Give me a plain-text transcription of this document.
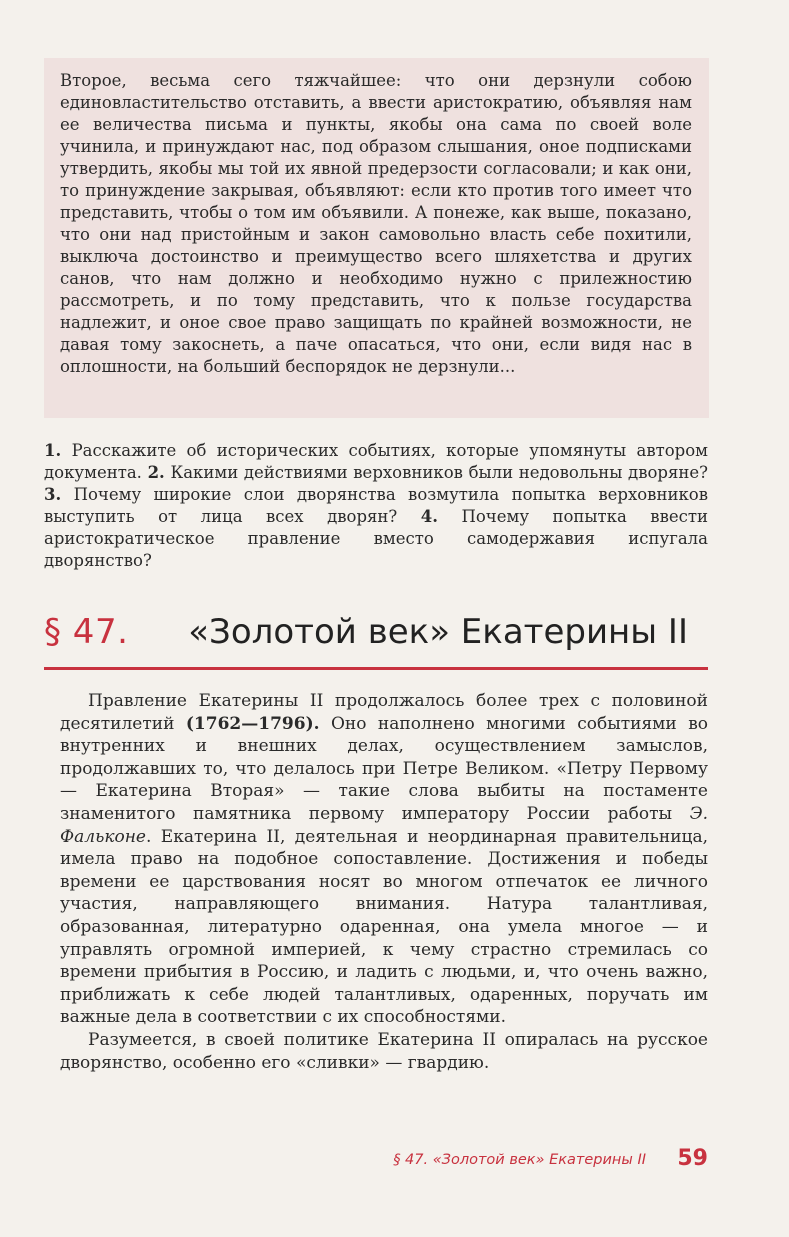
Второе, весьма сего тяжчайшее: что они дерзнули собою единовластительство отставить, а ввести аристократию, объявляя нам ее величества письма и пункты, якобы она сама по своей воле учинила, и принуждают нас, под образом слышания, оное подписками утвердить, якобы мы той их явной предерзости согласовали; и как они, то принуждение закрывая, объявляют: если кто против того имеет что представить, чтобы о том им объявили. А понеже, как выше, показано, что они над пристойным и закон самовольно власть себе похитили, выключа достоинство и преимущество всего шляхетства и других санов, что нам должно и необходимо нужно с прилежностию рассмотреть, и по тому представить, что к пользе государства надлежит, и оное свое право защищать по крайней возможности, не давая тому закоснеть, а паче опасаться, что они, если видя нас в оплошности, на больший беспорядок не дерзнули...

1. Расскажите об исторических событиях, которые упомянуты автором документа. 2. Какими действиями верховников были недовольны дворяне? 3. Почему широкие слои дворянства возмутила попытка верховников выступить от лица всех дворян? 4. Почему попытка ввести аристократическое правление вместо самодержавия испугала дворянство?

§ 47. «Золотой век» Екатерины II

Правление Екатерины II продолжалось более трех с половиной десятилетий (1762—1796). Оно наполнено многими событиями во внутренних и внешних делах, осуществлением замыслов, продолжавших то, что делалось при Петре Великом. «Петру Первому — Екатерина Вторая» — такие слова выбиты на постаменте знаменитого памятника первому императору России работы Э. Фальконе. Екатерина II, деятельная и неординарная правительница, имела право на подобное сопоставление. Достижения и победы времени ее царствования носят во многом отпечаток ее личного участия, направляющего внимания. Натура талантливая, образованная, литературно одаренная, она умела многое — и управлять огромной империей, к чему страстно стремилась со времени прибытия в Россию, и ладить с людьми, и, что очень важно, приближать к себе людей талантливых, одаренных, поручать им важные дела в соответствии с их способностями.

Разумеется, в своей политике Екатерина II опиралась на русское дворянство, особенно его «сливки» — гвардию.

§ 47. «Золотой век» Екатерины II 59
